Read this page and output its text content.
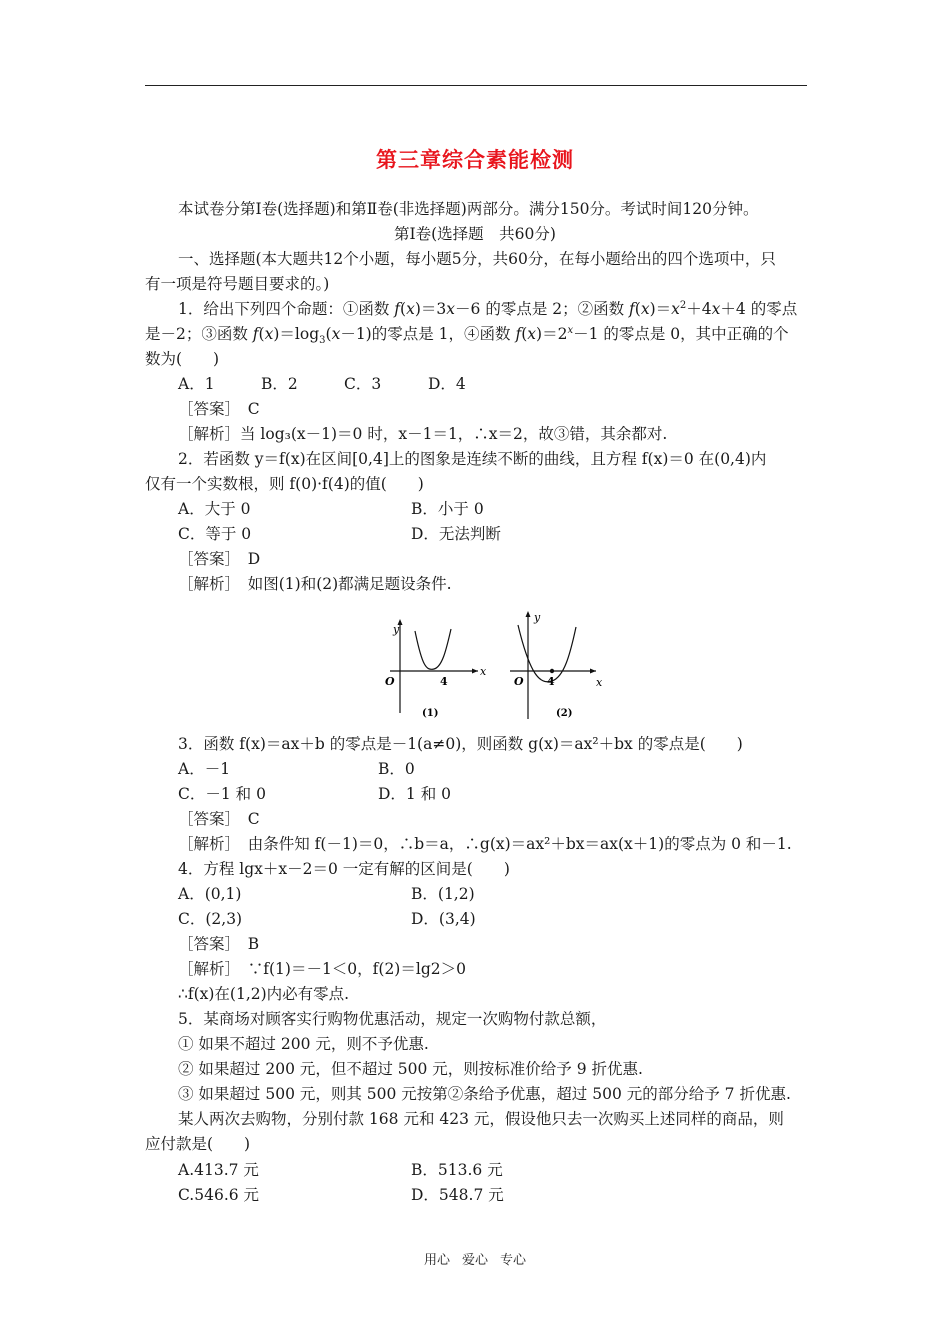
第三章综合素能检测
本试卷分第Ⅰ卷(选择题)和第Ⅱ卷(非选择题)两部分。满分150分。考试时间120分钟。
第Ⅰ卷(选择题　共60分)
一、选择题(本大题共12个小题，每小题5分，共60分，在每小题给出的四个选项中，只
有一项是符号题目要求的。)
1．给出下列四个命题：①函数 f(x)＝3x－6 的零点是 2；②函数 $f(x)=x^2+4x+4$ 的零点
是－2；③函数 $f(x)=\log_3(x-1)$的零点是 1，④函数 $f(x)=2^x-1$ 的零点是 0，其中正确的个
数为(　　)
A．1	B．2	C．3	D．4
［答案］　C
［解析］当 log₃(x－1)＝0 时，x－1＝1，∴x＝2，故③错，其余都对.
2．若函数 y＝f(x)在区间[0,4]上的图象是连续不断的曲线，且方程 f(x)＝0 在(0,4)内
仅有一个实数根，则 f(0)·f(4)的值(　　)
A．大于 0	B．小于 0
C．等于 0	D．无法判断
［答案］　D
［解析］　如图(1)和(2)都满足题设条件.
y
x
O	4
(1)
y
x
O 4
(2)
3．函数 f(x)＝ax＋b 的零点是－1(a≠0)，则函数 g(x)＝ax²＋bx 的零点是(　　)
A．－1	B．0
C．－1 和 0	D．1 和 0
［答案］　C
［解析］　由条件知 f(－1)＝0，∴b＝a，∴g(x)＝ax²＋bx＝ax(x＋1)的零点为 0 和－1.
4．方程 lgx＋x－2＝0 一定有解的区间是(　　)
A．(0,1)	B．(1,2)
C．(2,3)	D．(3,4)
［答案］　B
［解析］　∵f(1)＝－1＜0，f(2)＝lg2＞0
∴f(x)在(1,2)内必有零点.
5．某商场对顾客实行购物优惠活动，规定一次购物付款总额，
① 如果不超过 200 元，则不予优惠.
② 如果超过 200 元，但不超过 500 元，则按标准价给予 9 折优惠.
③ 如果超过 500 元，则其 500 元按第②条给予优惠，超过 500 元的部分给予 7 折优惠.
某人两次去购物，分别付款 168 元和 423 元，假设他只去一次购买上述同样的商品，则
应付款是(　　)
A.413.7 元	B．513.6 元
C.546.6 元	D．548.7 元
用心 爱心 专心
